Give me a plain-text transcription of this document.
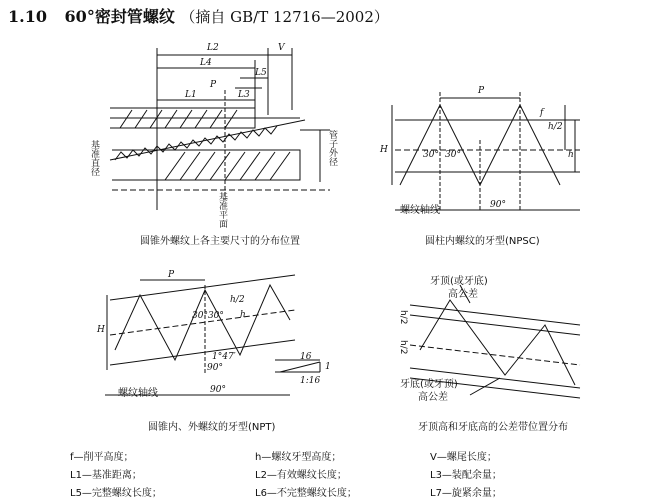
1.10 60°密封管螺纹 （摘自 GB/T 12716—2002）
L2
L4
V
L5
L1	L3
P
基准直径
基准平面
管子外径
圆锥外螺纹上各主要尺寸的分布位置
P
H	h
h/2
f
30° 30°
90°
螺纹轴线
圆柱内螺纹的牙型(NPSC)
P
H
h
h/2
30°30°
1°47′
90°
90°
螺纹轴线
16
1
1:16
圆锥内、外螺纹的牙型(NPT)
牙顶(或牙底)
高公差
牙底(或牙顶)
高公差
h/2
h/2
牙顶高和牙底高的公差带位置分布
f—削平高度；	h—螺纹牙型高度；	V—螺尾长度；
L1—基准距离；	L2—有效螺纹长度；	L3—装配余量；
L5—完整螺纹长度；	L6—不完整螺纹长度；	L7—旋紧余量；
